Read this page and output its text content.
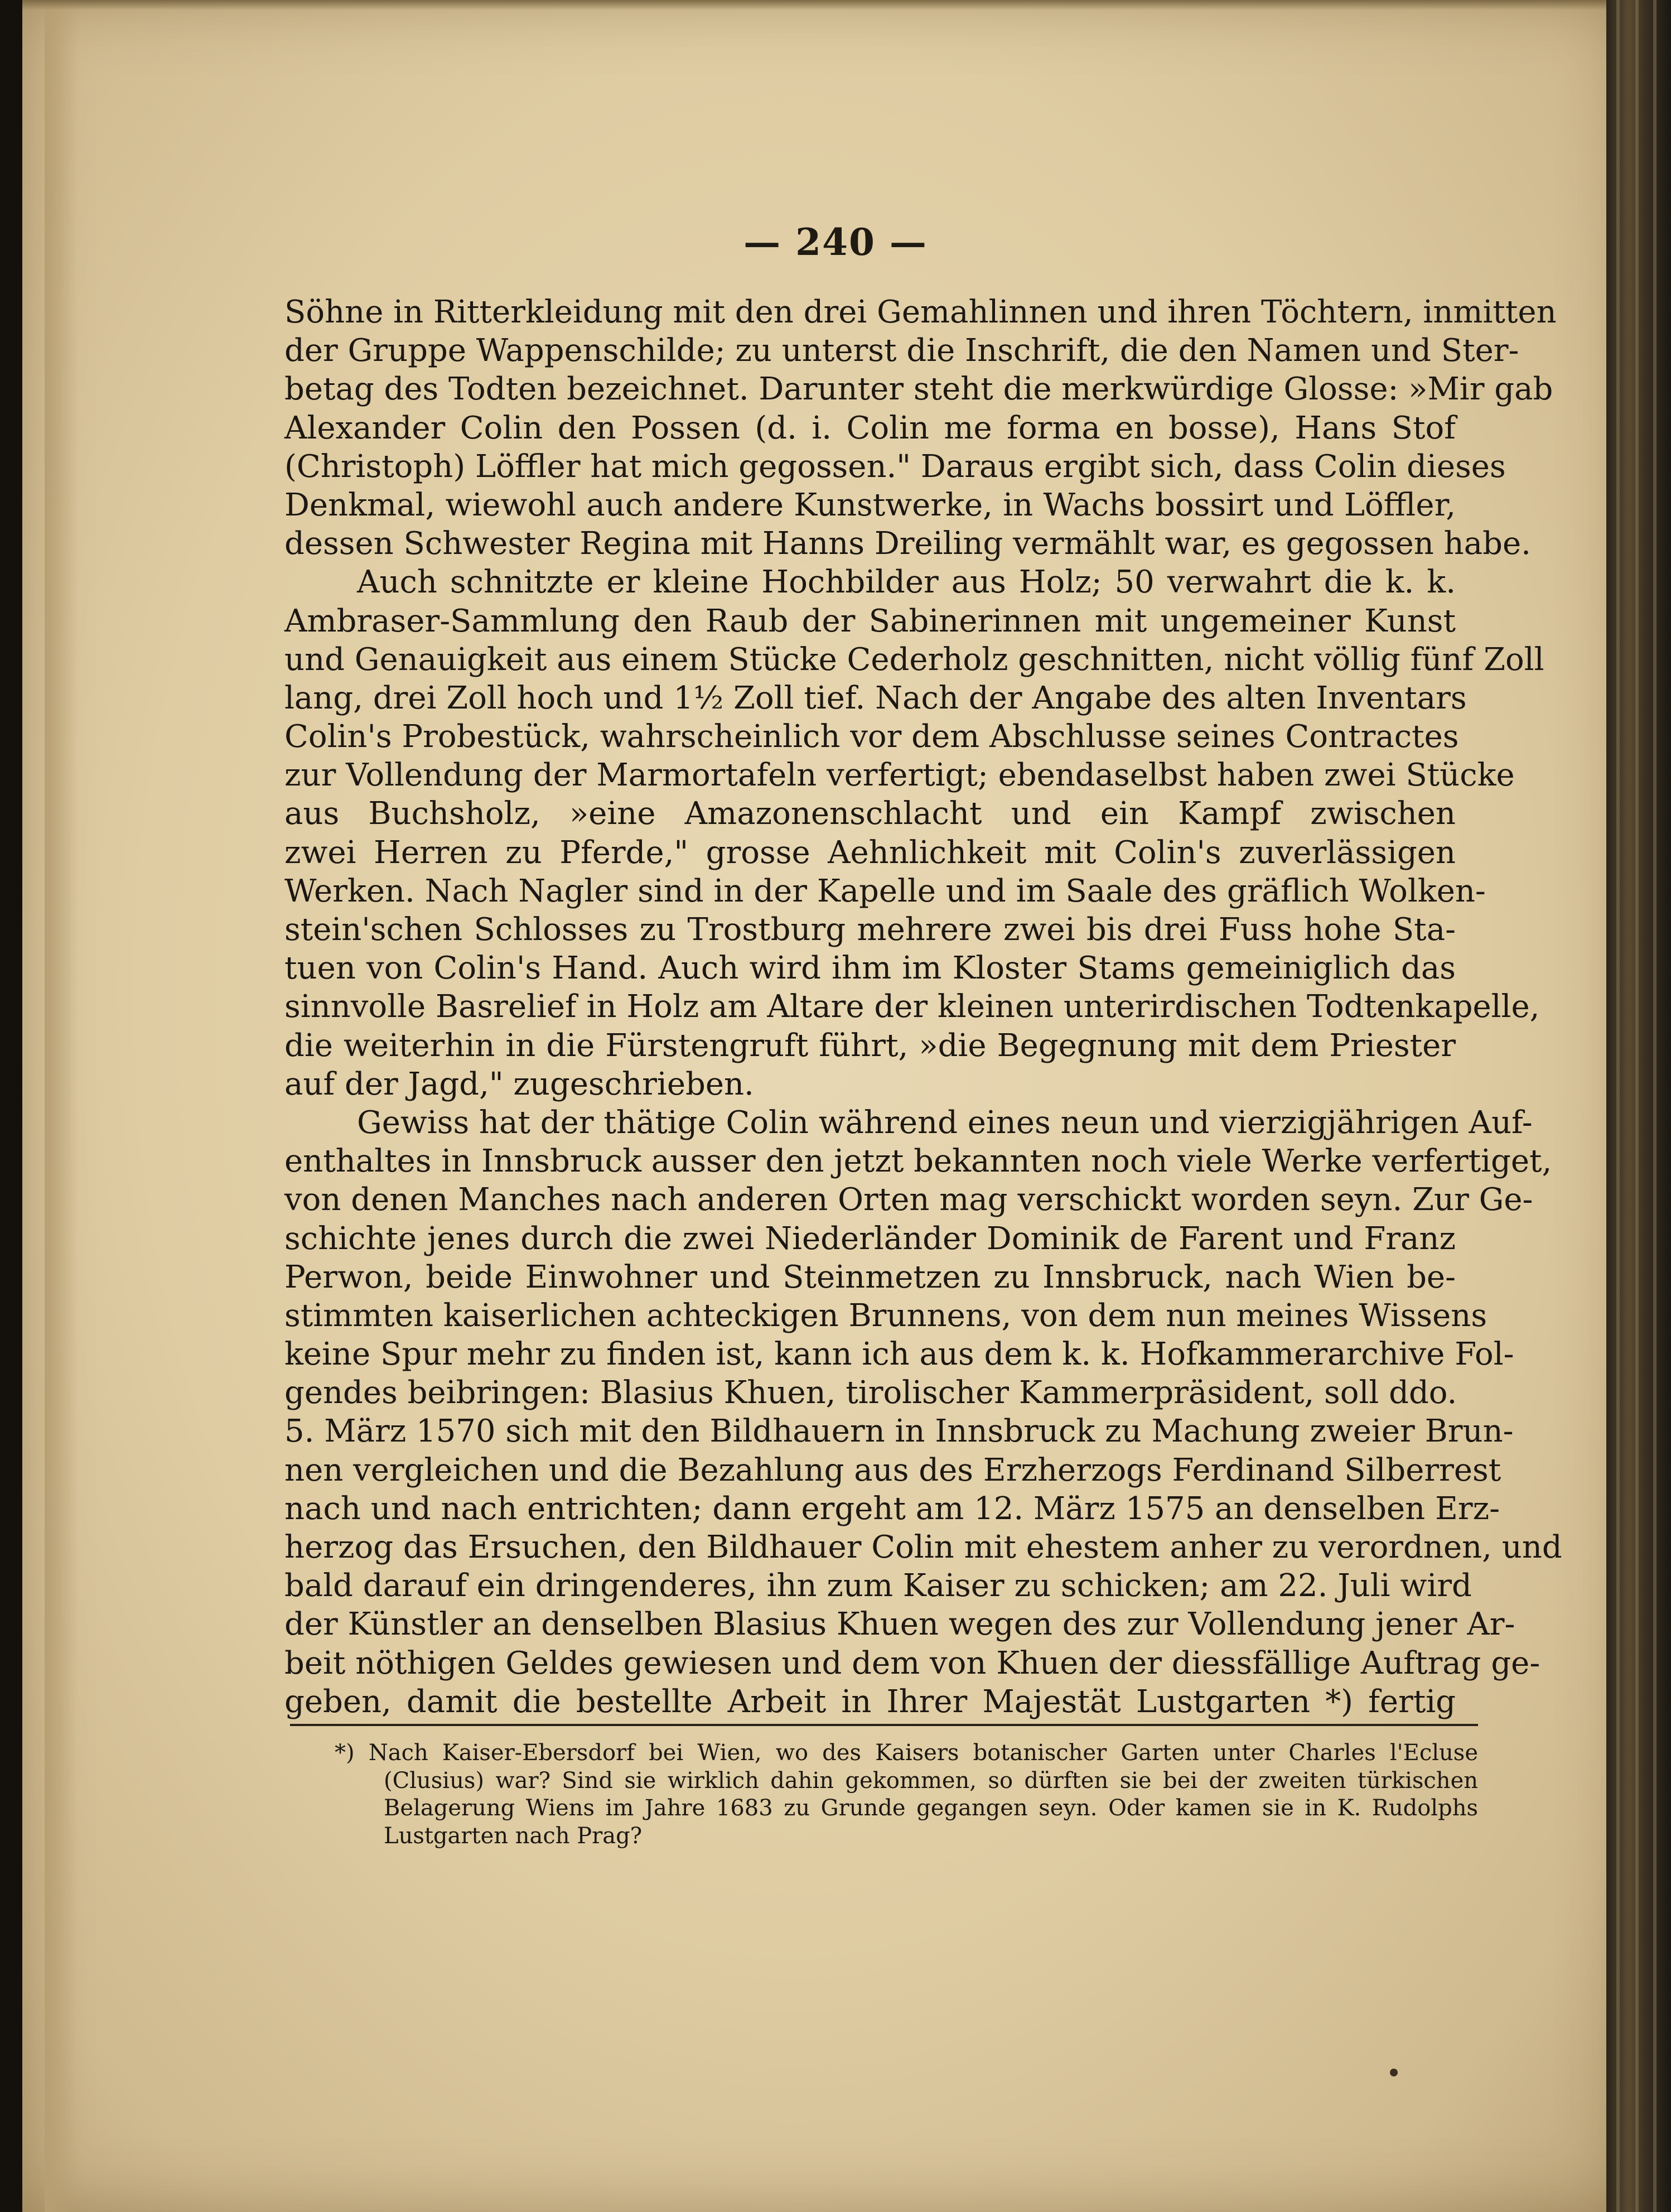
— 240 —
Söhne in Ritterkleidung mit den drei Gemahlinnen und ihren Töchtern, inmitten
der Gruppe Wappenschilde; zu unterst die Inschrift, die den Namen und Ster-
betag des Todten bezeichnet. Darunter steht die merkwürdige Glosse: »Mir gab
Alexander Colin den Possen (d. i. Colin me forma en bosse), Hans Stof
(Christoph) Löffler hat mich gegossen." Daraus ergibt sich, dass Colin dieses
Denkmal, wiewohl auch andere Kunstwerke, in Wachs bossirt und Löffler,
dessen Schwester Regina mit Hanns Dreiling vermählt war, es gegossen habe.
Auch schnitzte er kleine Hochbilder aus Holz; 50 verwahrt die k. k.
Ambraser-Sammlung den Raub der Sabinerinnen mit ungemeiner Kunst
und Genauigkeit aus einem Stücke Cederholz geschnitten, nicht völlig fünf Zoll
lang, drei Zoll hoch und 1½ Zoll tief. Nach der Angabe des alten Inventars
Colin's Probestück, wahrscheinlich vor dem Abschlusse seines Contractes
zur Vollendung der Marmortafeln verfertigt; ebendaselbst haben zwei Stücke
aus Buchsholz, »eine Amazonenschlacht und ein Kampf zwischen
zwei Herren zu Pferde," grosse Aehnlichkeit mit Colin's zuverlässigen
Werken. Nach Nagler sind in der Kapelle und im Saale des gräflich Wolken-
stein'schen Schlosses zu Trostburg mehrere zwei bis drei Fuss hohe Sta-
tuen von Colin's Hand. Auch wird ihm im Kloster Stams gemeiniglich das
sinnvolle Basrelief in Holz am Altare der kleinen unterirdischen Todtenkapelle,
die weiterhin in die Fürstengruft führt, »die Begegnung mit dem Priester
auf der Jagd," zugeschrieben.
Gewiss hat der thätige Colin während eines neun und vierzigjährigen Auf-
enthaltes in Innsbruck ausser den jetzt bekannten noch viele Werke verfertiget,
von denen Manches nach anderen Orten mag verschickt worden seyn. Zur Ge-
schichte jenes durch die zwei Niederländer Dominik de Farent und Franz
Perwon, beide Einwohner und Steinmetzen zu Innsbruck, nach Wien be-
stimmten kaiserlichen achteckigen Brunnens, von dem nun meines Wissens
keine Spur mehr zu finden ist, kann ich aus dem k. k. Hofkammerarchive Fol-
gendes beibringen: Blasius Khuen, tirolischer Kammerpräsident, soll ddo.
5. März 1570 sich mit den Bildhauern in Innsbruck zu Machung zweier Brun-
nen vergleichen und die Bezahlung aus des Erzherzogs Ferdinand Silberrest
nach und nach entrichten; dann ergeht am 12. März 1575 an denselben Erz-
herzog das Ersuchen, den Bildhauer Colin mit ehestem anher zu verordnen, und
bald darauf ein dringenderes, ihn zum Kaiser zu schicken; am 22. Juli wird
der Künstler an denselben Blasius Khuen wegen des zur Vollendung jener Ar-
beit nöthigen Geldes gewiesen und dem von Khuen der diessfällige Auftrag ge-
geben, damit die bestellte Arbeit in Ihrer Majestät Lustgarten *) fertig
*) Nach Kaiser-Ebersdorf bei Wien, wo des Kaisers botanischer Garten unter Charles l'Ecluse
(Clusius) war? Sind sie wirklich dahin gekommen, so dürften sie bei der zweiten türkischen
Belagerung Wiens im Jahre 1683 zu Grunde gegangen seyn. Oder kamen sie in K. Rudolphs
Lustgarten nach Prag?
